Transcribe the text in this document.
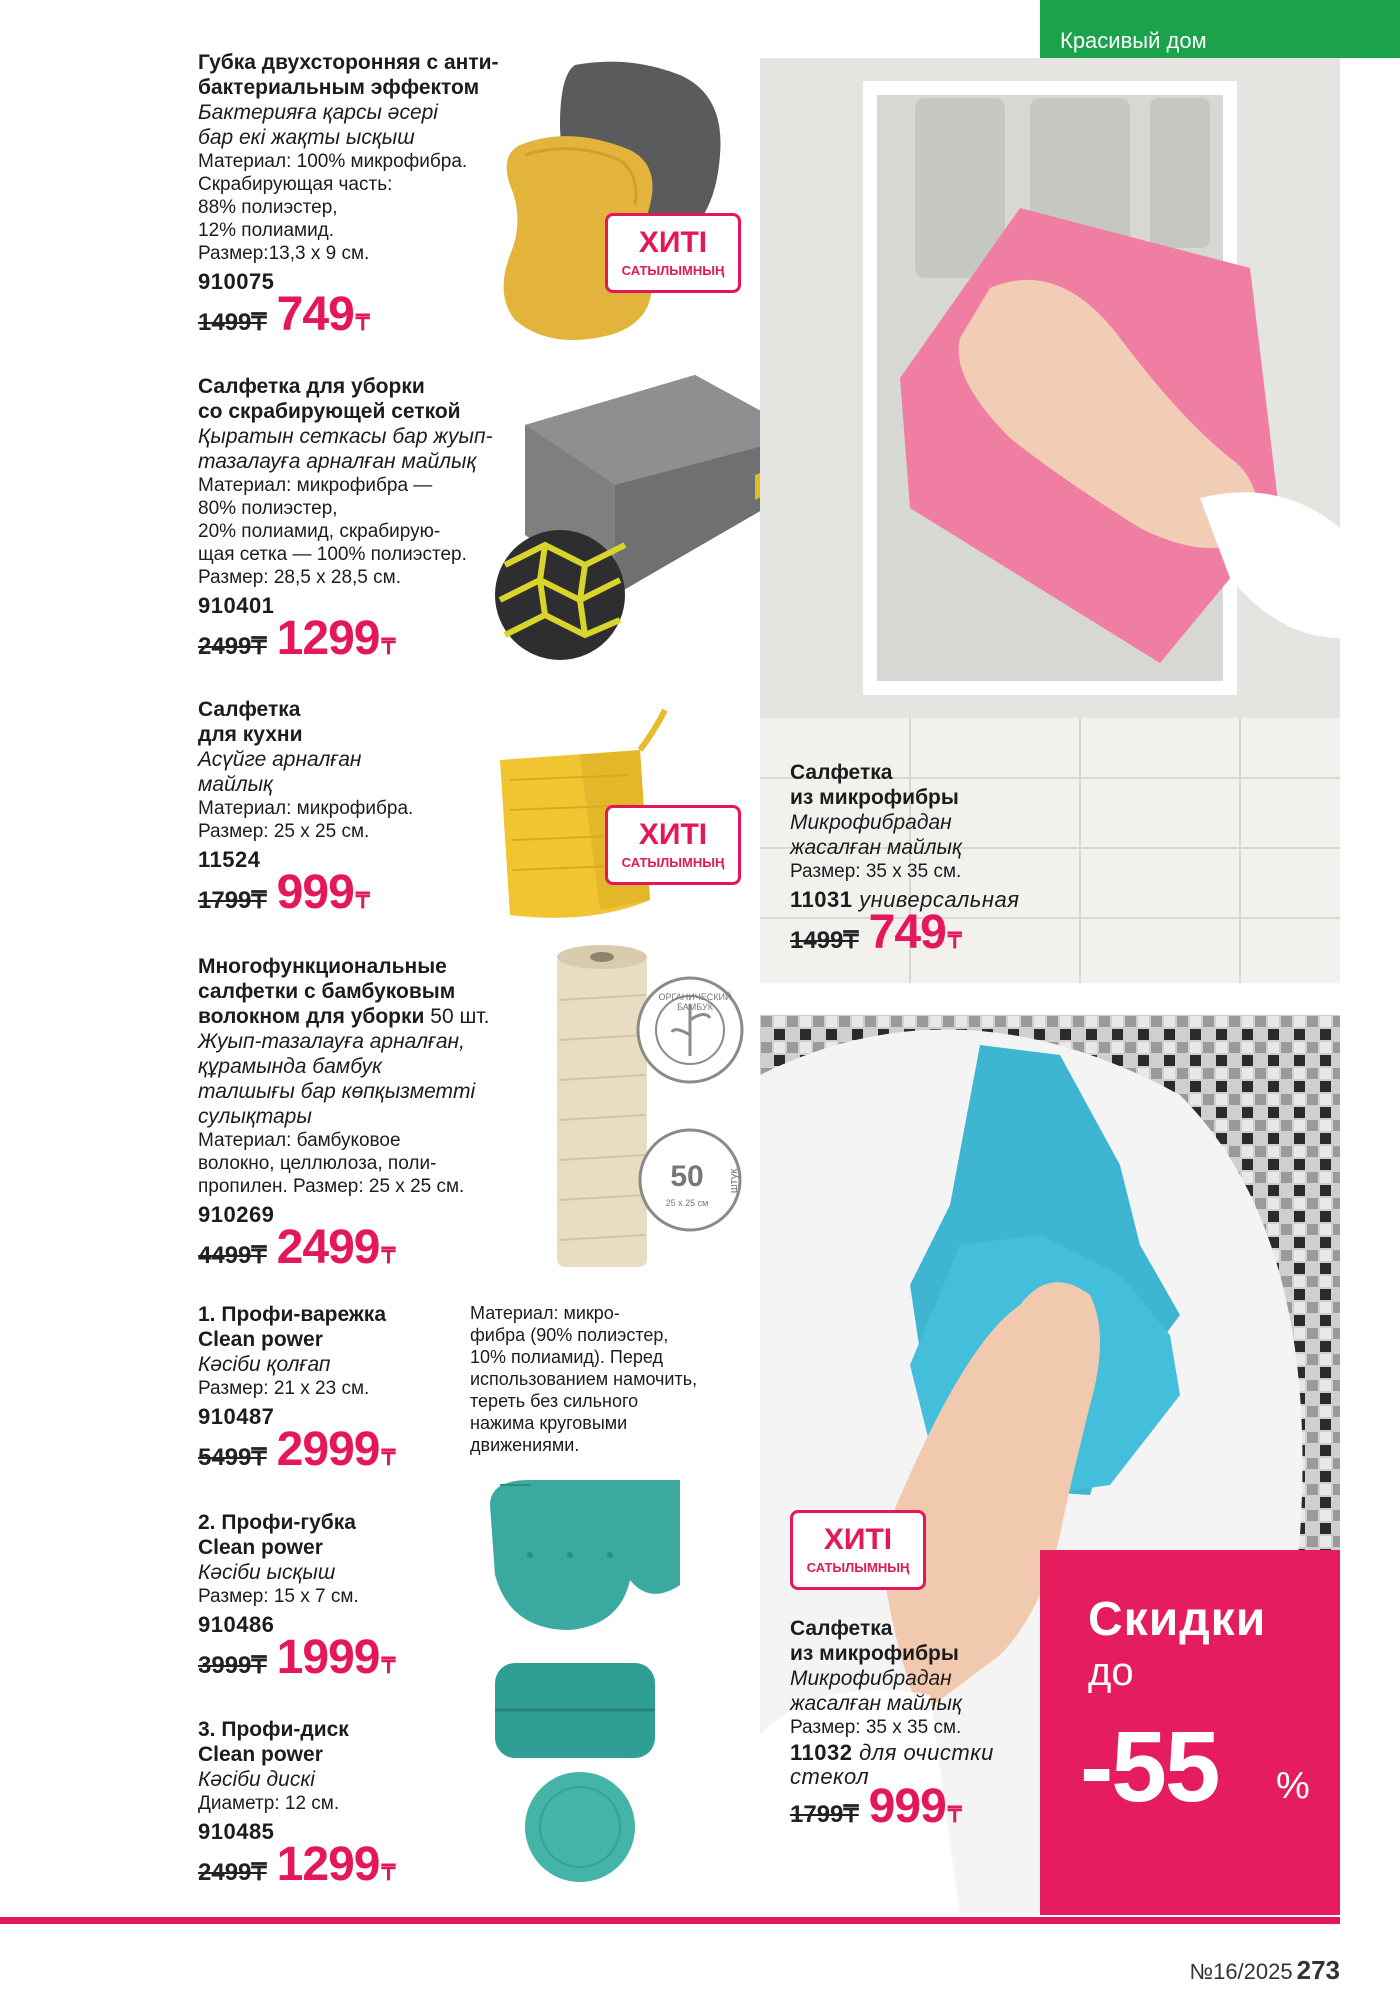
Красивый дом
Губка двухсторонняя с анти-
бактериальным эффектом
Бактерияға қарсы әсері
бар екі жақты ысқыш
Материал: 100% микрофибра.
Скрабирующая часть:
88% полиэстер,
12% полиамид.
Размер:13,3 х 9 см.
910075
1499₸ 749 ₸
ХИТІ
САТЫЛЫМНЫҢ
Салфетка для уборки
со скрабирующей сеткой
Қыратын сеткасы бар жуып-
тазалауға арналған майлық
Материал: микрофибра —
80% полиэстер,
20% полиамид, скрабирую-
щая сетка — 100% полиэстер.
Размер: 28,5 х 28,5 см.
910401
2499₸ 1299 ₸
Салфетка
для кухни
Асүйге арналған
майлық
Материал: микрофибра.
Размер: 25 х 25 см.
11524
1799₸ 999 ₸
ХИТІ
САТЫЛЫМНЫҢ
Многофункциональные
салфетки с бамбуковым
волокном для уборки 50 шт.
Жуып-тазалауға арналған,
құрамында бамбук
талшығы бар көпқызметті
сулықтары
Материал: бамбуковое
волокно, целлюлоза, поли-
пропилен. Размер: 25 х 25 см.
910269
4499₸ 2499 ₸
50
25 x 25 см
штук
ОРГАНИЧЕСКИЙ БАМБУК
1. Профи-варежка
Clean power
Кәсіби қолғап
Размер: 21 х 23 см.
910487
5499₸ 2999 ₸
2. Профи-губка
Clean power
Кәсіби ысқыш
Размер: 15 х 7 см.
910486
3999₸ 1999 ₸
3. Профи-диск
Clean power
Кәсіби дискі
Диаметр: 12 см.
910485
2499₸ 1299 ₸
Материал: микро-
фибра (90% полиэстер,
10% полиамид). Перед
использованием намочить,
тереть без сильного
нажима круговыми
движениями.
Салфетка
из микрофибры
Микрофибрадан
жасалған майлық
Размер: 35 х 35 см.
11031 универсальная
1499₸ 749 ₸
ХИТІ
САТЫЛЫМНЫҢ
Салфетка
из микрофибры
Микрофибрадан
жасалған майлық
Размер: 35 х 35 см.
11032 для очистки
стекол
1799₸ 999 ₸
Скидки
до
-55 %
№16/2025 273
